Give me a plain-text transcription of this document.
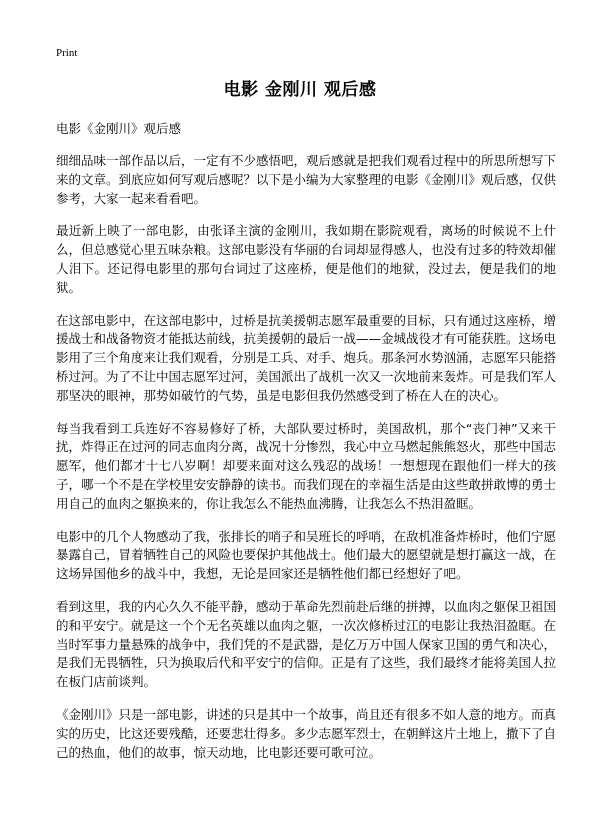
Print
电影 金刚川 观后感

电影《金刚川》观后感

细细品味一部作品以后，一定有不少感悟吧，观后感就是把我们观看过程中的所思所想写下来的文章。到底应如何写观后感呢？以下是小编为大家整理的电影《金刚川》观后感，仅供参考，大家一起来看看吧。

最近新上映了一部电影，由张译主演的金刚川，我如期在影院观看，离场的时候说不上什么，但总感觉心里五味杂粮。这部电影没有华丽的台词却显得感人，也没有过多的特效却催人泪下。还记得电影里的那句台词过了这座桥，便是他们的地狱，没过去，便是我们的地狱。

在这部电影中，在这部电影中，过桥是抗美援朝志愿军最重要的目标，只有通过这座桥，增援战士和战备物资才能抵达前线，抗美援朝的最后一战——金城战役才有可能获胜。这场电影用了三个角度来让我们观看，分别是工兵、对手、炮兵。那条河水势汹涌，志愿军只能搭桥过河。为了不让中国志愿军过河，美国派出了战机一次又一次地前来轰炸。可是我们军人那坚决的眼神，那势如破竹的气势，虽是电影但我仍然感受到了桥在人在的决心。

每当我看到工兵连好不容易修好了桥，大部队要过桥时，美国敌机，那个“丧门神”又来干扰，炸得正在过河的同志血肉分离，战况十分惨烈，我心中立马燃起熊熊怒火，那些中国志愿军，他们都才十七八岁啊！却要来面对这么残忍的战场！一想想现在跟他们一样大的孩子，哪一个不是在学校里安安静静的读书。而我们现在的幸福生活是由这些敢拼敢博的勇士用自己的血肉之躯换来的，你让我怎么不能热血沸腾，让我怎么不热泪盈眶。

电影中的几个人物感动了我，张排长的哨子和吴班长的呼哨，在敌机准备炸桥时，他们宁愿暴露自己，冒着牺牲自己的风险也要保护其他战士。他们最大的愿望就是想打赢这一战，在这场异国他乡的战斗中，我想，无论是回家还是牺牲他们都已经想好了吧。

看到这里，我的内心久久不能平静，感动于革命先烈前赴后继的拼搏，以血肉之躯保卫祖国的和平安宁。就是这一个个无名英雄以血肉之躯，一次次修桥过江的电影让我热泪盈眶。在当时军事力量悬殊的战争中，我们凭的不是武器，是亿万万中国人保家卫国的勇气和决心，是我们无畏牺牲，只为换取后代和平安宁的信仰。正是有了这些，我们最终才能将美国人拉在板门店前谈判。

《金刚川》只是一部电影，讲述的只是其中一个故事，尚且还有很多不如人意的地方。而真实的历史，比这还要残酷，还要悲壮得多。多少志愿军烈士，在朝鲜这片土地上，撒下了自己的热血，他们的故事，惊天动地，比电影还要可歌可泣。
